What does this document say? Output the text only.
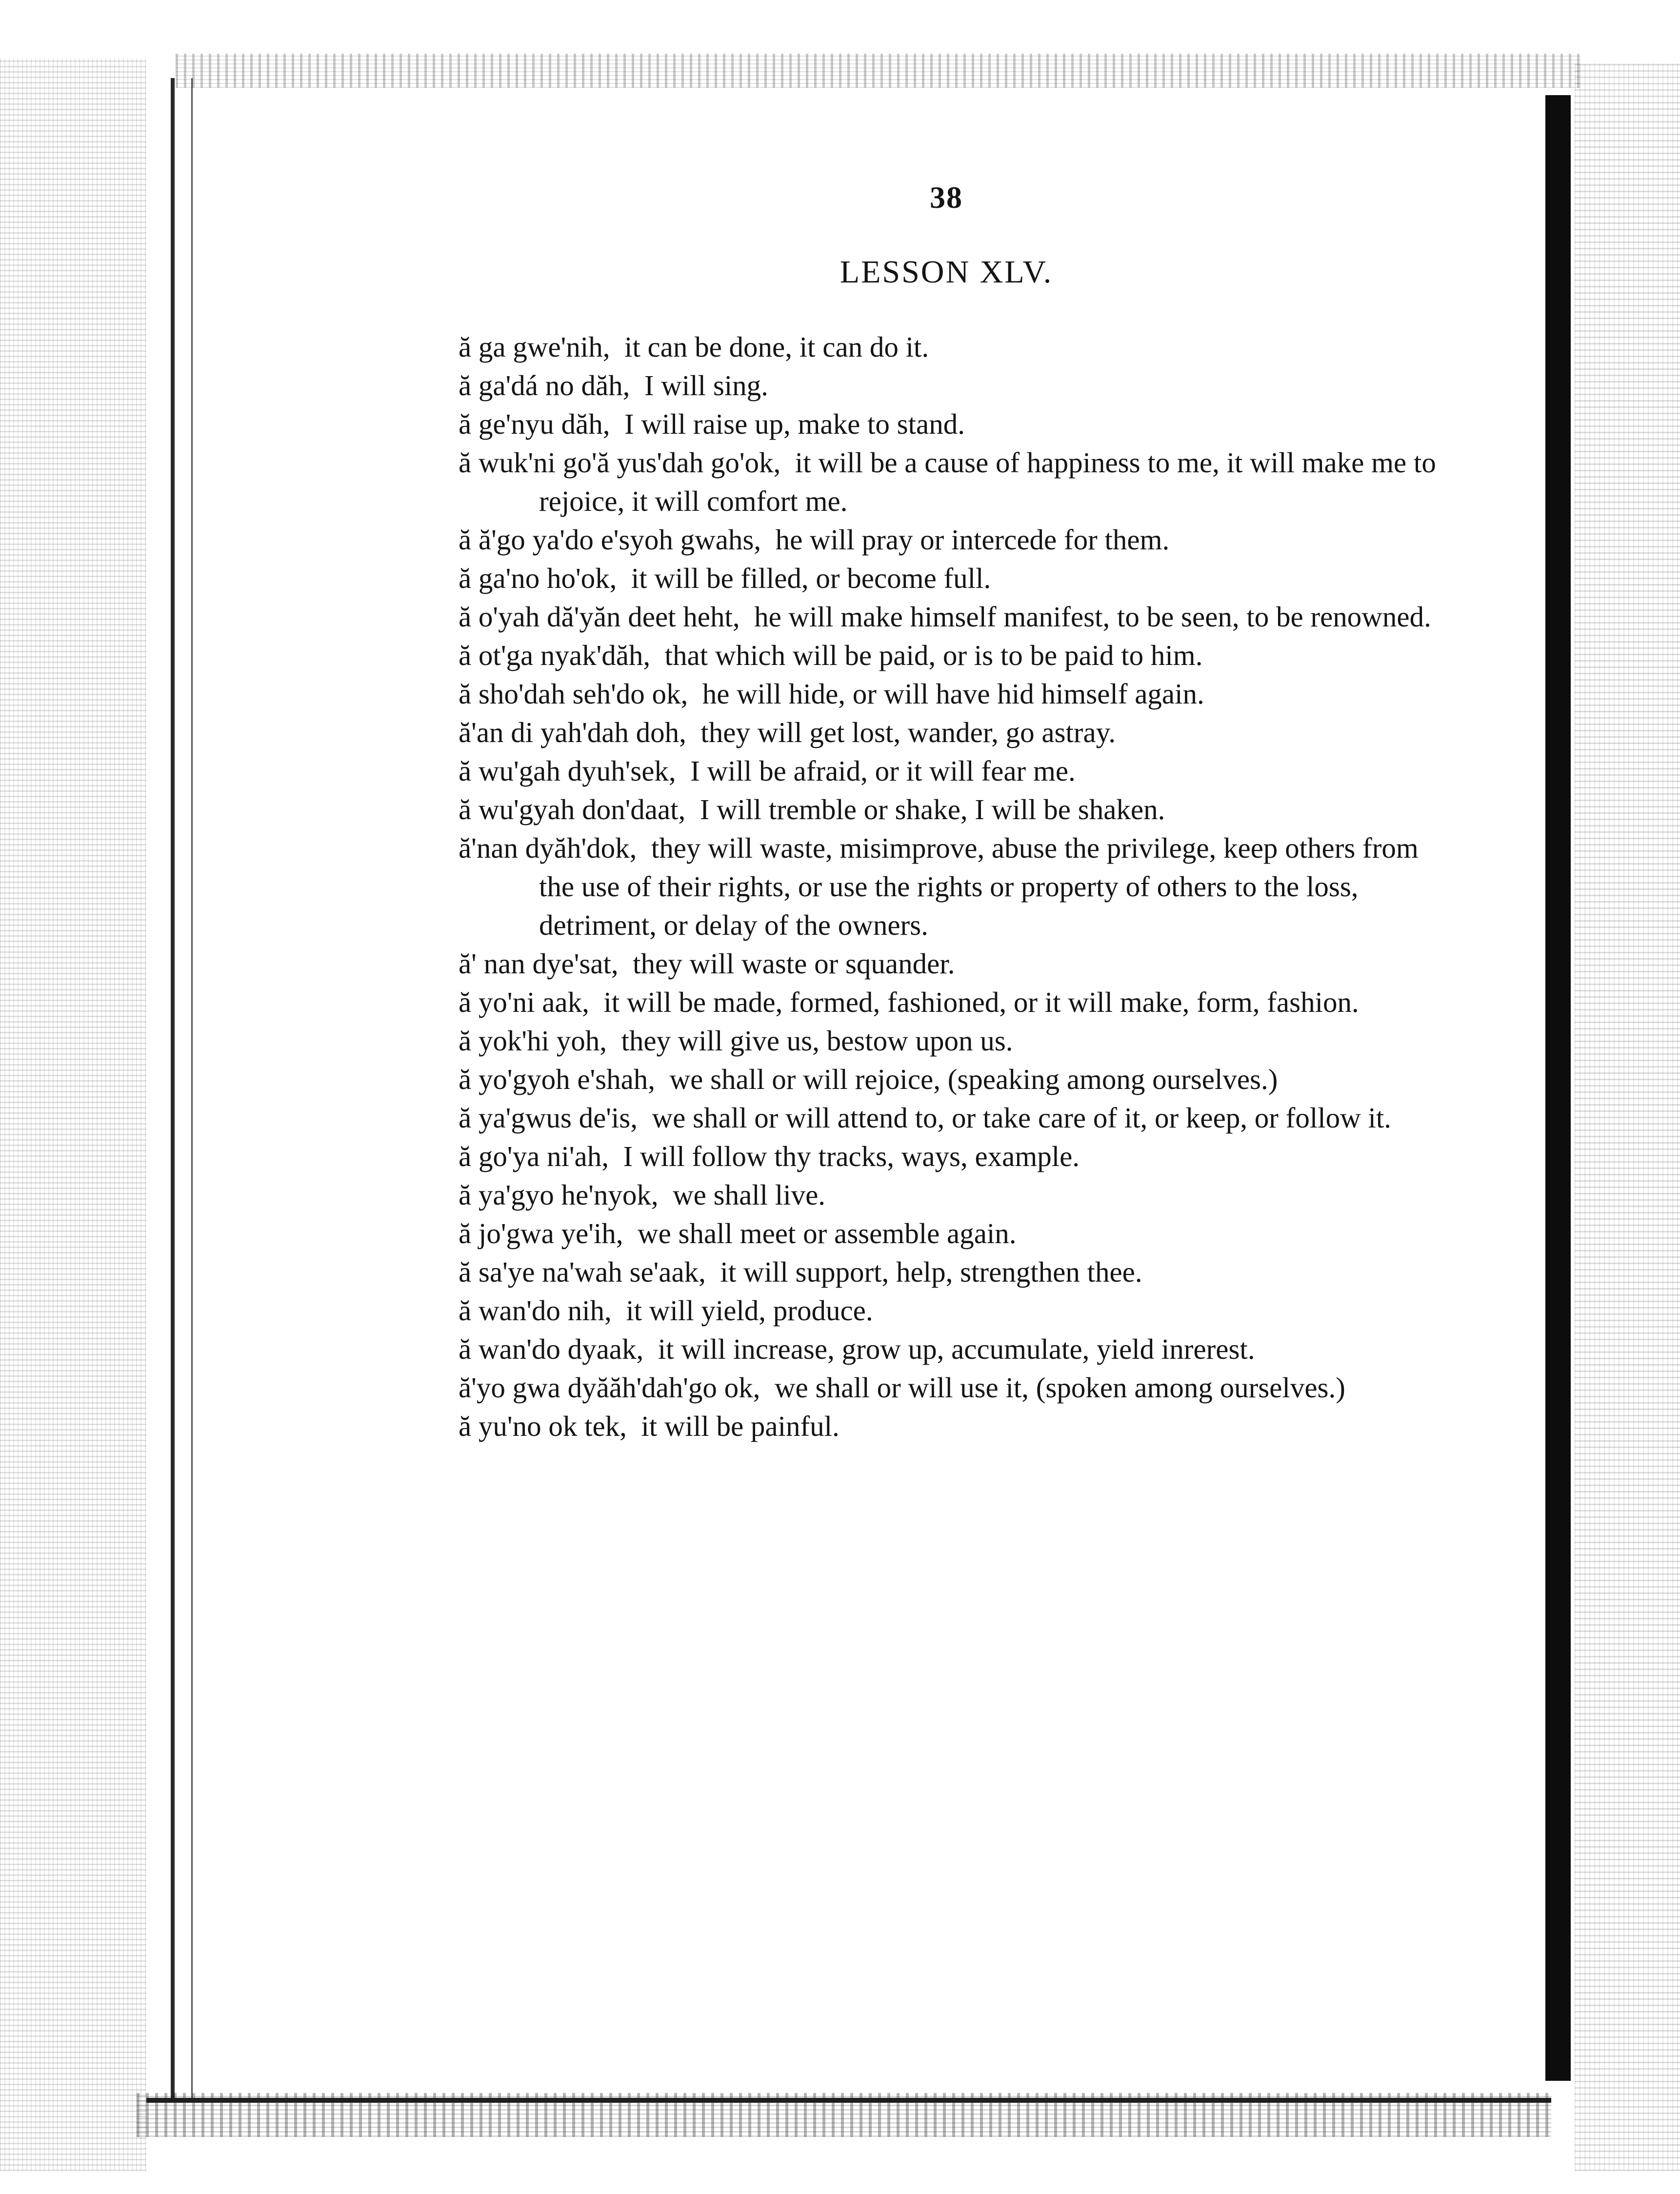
38
LESSON XLV.
ă ga gwe'nih, it can be done, it can do it.
ă ga'dá no dăh, I will sing.
ă ge'nyu dăh, I will raise up, make to stand.
ă wuk'ni go'ă yus'dah go'ok, it will be a cause of happiness to me, it will make me to rejoice, it will comfort me.
ă ă'go ya'do e'syoh gwahs, he will pray or intercede for them.
ă ga'no ho'ok, it will be filled, or become full.
ă o'yah dă'yăn deet heht, he will make himself manifest, to be seen, to be renowned.
ă ot'ga nyak'dăh, that which will be paid, or is to be paid to him.
ă sho'dah seh'do ok, he will hide, or will have hid himself again.
ă'an di yah'dah doh, they will get lost, wander, go astray.
ă wu'gah dyuh'sek, I will be afraid, or it will fear me.
ă wu'gyah don'daat, I will tremble or shake, I will be shaken.
ă'nan dyăh'dok, they will waste, misimprove, abuse the privilege, keep others from the use of their rights, or use the rights or property of others to the loss, detriment, or delay of the owners.
ă' nan dye'sat, they will waste or squander.
ă yo'ni aak, it will be made, formed, fashioned, or it will make, form, fashion.
ă yok'hi yoh, they will give us, bestow upon us.
ă yo'gyoh e'shah, we shall or will rejoice, (speaking among ourselves.)
ă ya'gwus de'is, we shall or will attend to, or take care of it, or keep, or follow it.
ă go'ya ni'ah, I will follow thy tracks, ways, example.
ă ya'gyo he'nyok, we shall live.
ă jo'gwa ye'ih, we shall meet or assemble again.
ă sa'ye na'wah se'aak, it will support, help, strengthen thee.
ă wan'do nih, it will yield, produce.
ă wan'do dyaak, it will increase, grow up, accumulate, yield inrerest.
ă'yo gwa dyăăh'dah'go ok, we shall or will use it, (spoken among ourselves.)
ă yu'no ok tek, it will be painful.
